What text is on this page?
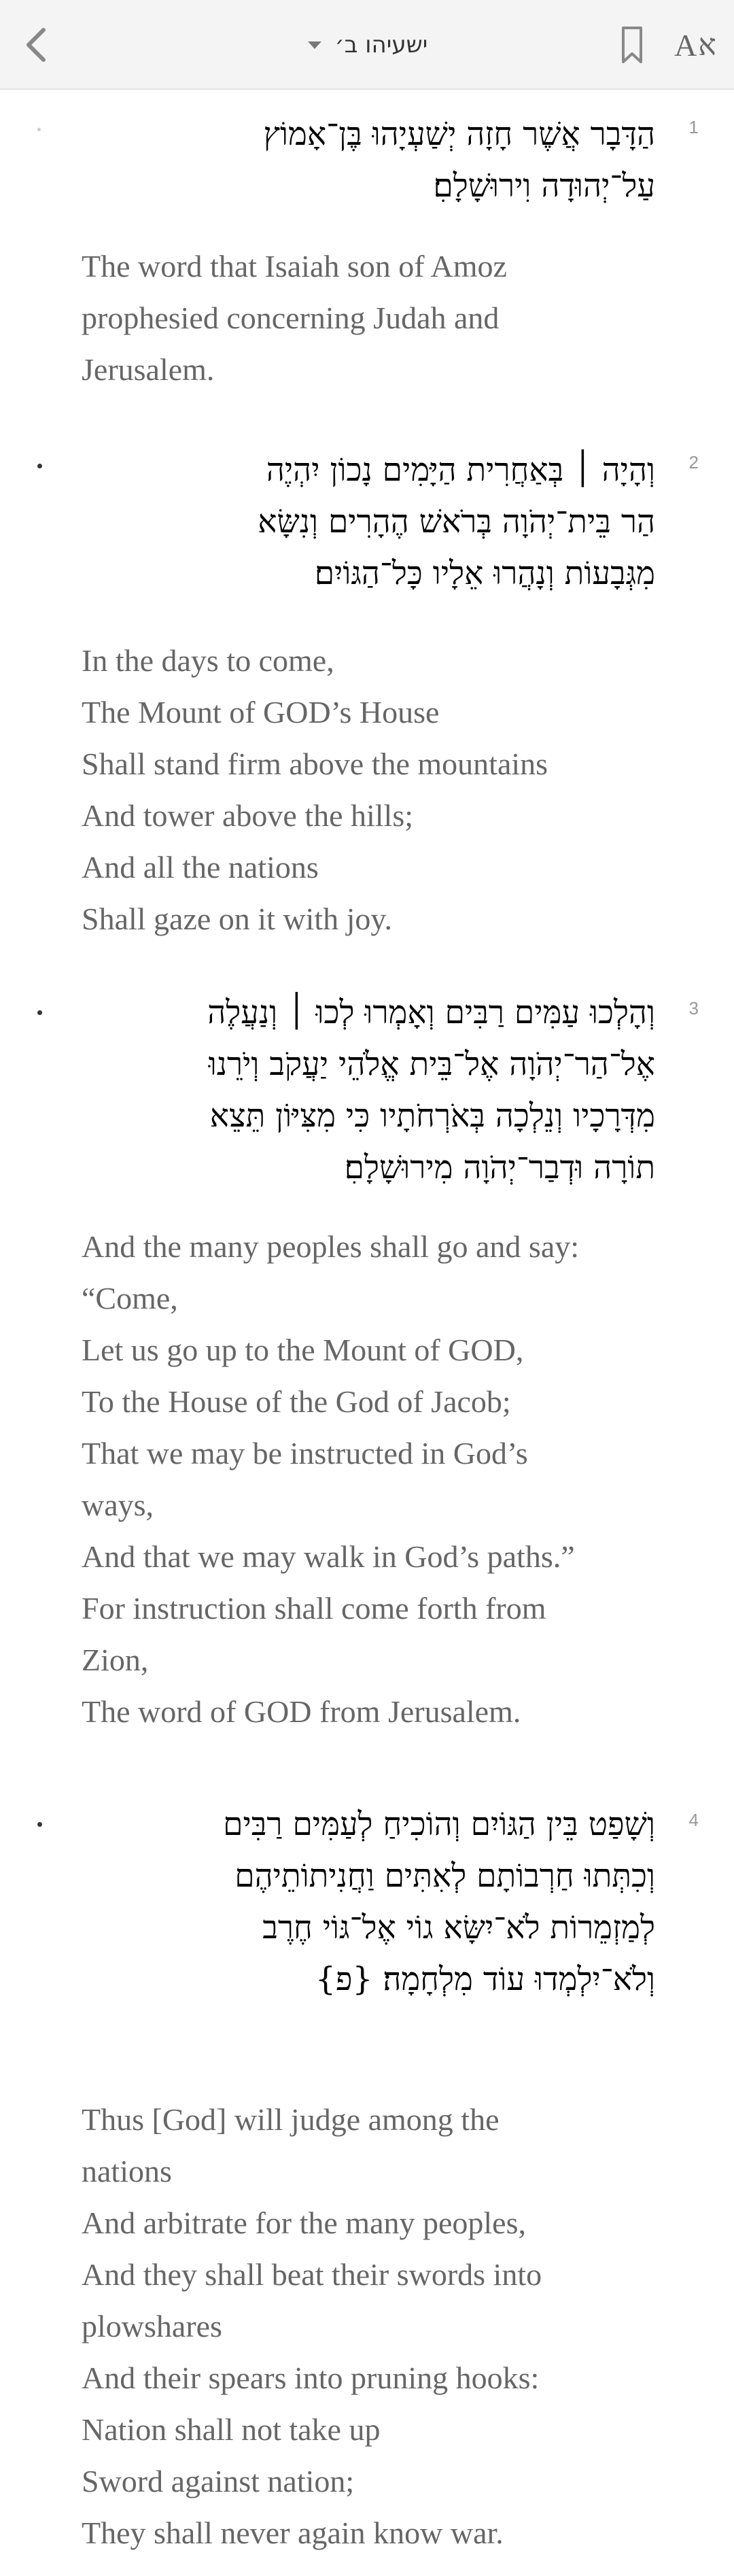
ישעיהו ב׳	A א
1
הַדָּבָר אֲשֶׁר חָזָה יְשַׁעְיָהוּ בֶּן־אָמוֹץ
עַל־יְהוּדָה וִירוּשָׁלָםִ׃
The word that Isaiah son of Amoz
prophesied concerning Judah and
Jerusalem.
2
וְהָיָה ׀ בְּאַחֲרִית הַיָּמִים נָכוֹן יִהְיֶה
הַר בֵּית־יְהֹוָה בְּרֹאשׁ הֶהָרִים וְנִשָּׂא
מִגְּבָעוֹת וְנָהֲרוּ אֵלָיו כָּל־הַגּוֹיִם׃
In the days to come,
The Mount of GOD’s House
Shall stand firm above the mountains
And tower above the hills;
And all the nations
Shall gaze on it with joy.
3
וְהָלְכוּ עַמִּים רַבִּים וְאָמְרוּ לְכוּ ׀ וְנַעֲלֶה
אֶל־הַר־יְהֹוָה אֶל־בֵּית אֱלֹהֵי יַעֲקֹב וְיֹרֵנוּ
מִדְּרָכָיו וְנֵלְכָה בְּאֹרְחֹתָיו כִּי מִצִּיּוֹן תֵּצֵא
תוֹרָה וּדְבַר־יְהֹוָה מִירוּשָׁלָםִ׃
And the many peoples shall go and say:
“Come,
Let us go up to the Mount of GOD,
To the House of the God of Jacob;
That we may be instructed in God’s
ways,
And that we may walk in God’s paths.”
For instruction shall come forth from
Zion,
The word of GOD from Jerusalem.
4
וְשָׁפַט בֵּין הַגּוֹיִם וְהוֹכִיחַ לְעַמִּים רַבִּים
וְכִתְּתוּ חַרְבוֹתָם לְאִתִּים וַחֲנִיתוֹתֵיהֶם
לְמַזְמֵרוֹת לֹא־יִשָּׂא גוֹי אֶל־גּוֹי חֶרֶב
וְלֹא־יִלְמְדוּ עוֹד מִלְחָמָה׃ {פ}
Thus [God] will judge among the
nations
And arbitrate for the many peoples,
And they shall beat their swords into
plowshares
And their spears into pruning hooks:
Nation shall not take up
Sword against nation;
They shall never again know war.
